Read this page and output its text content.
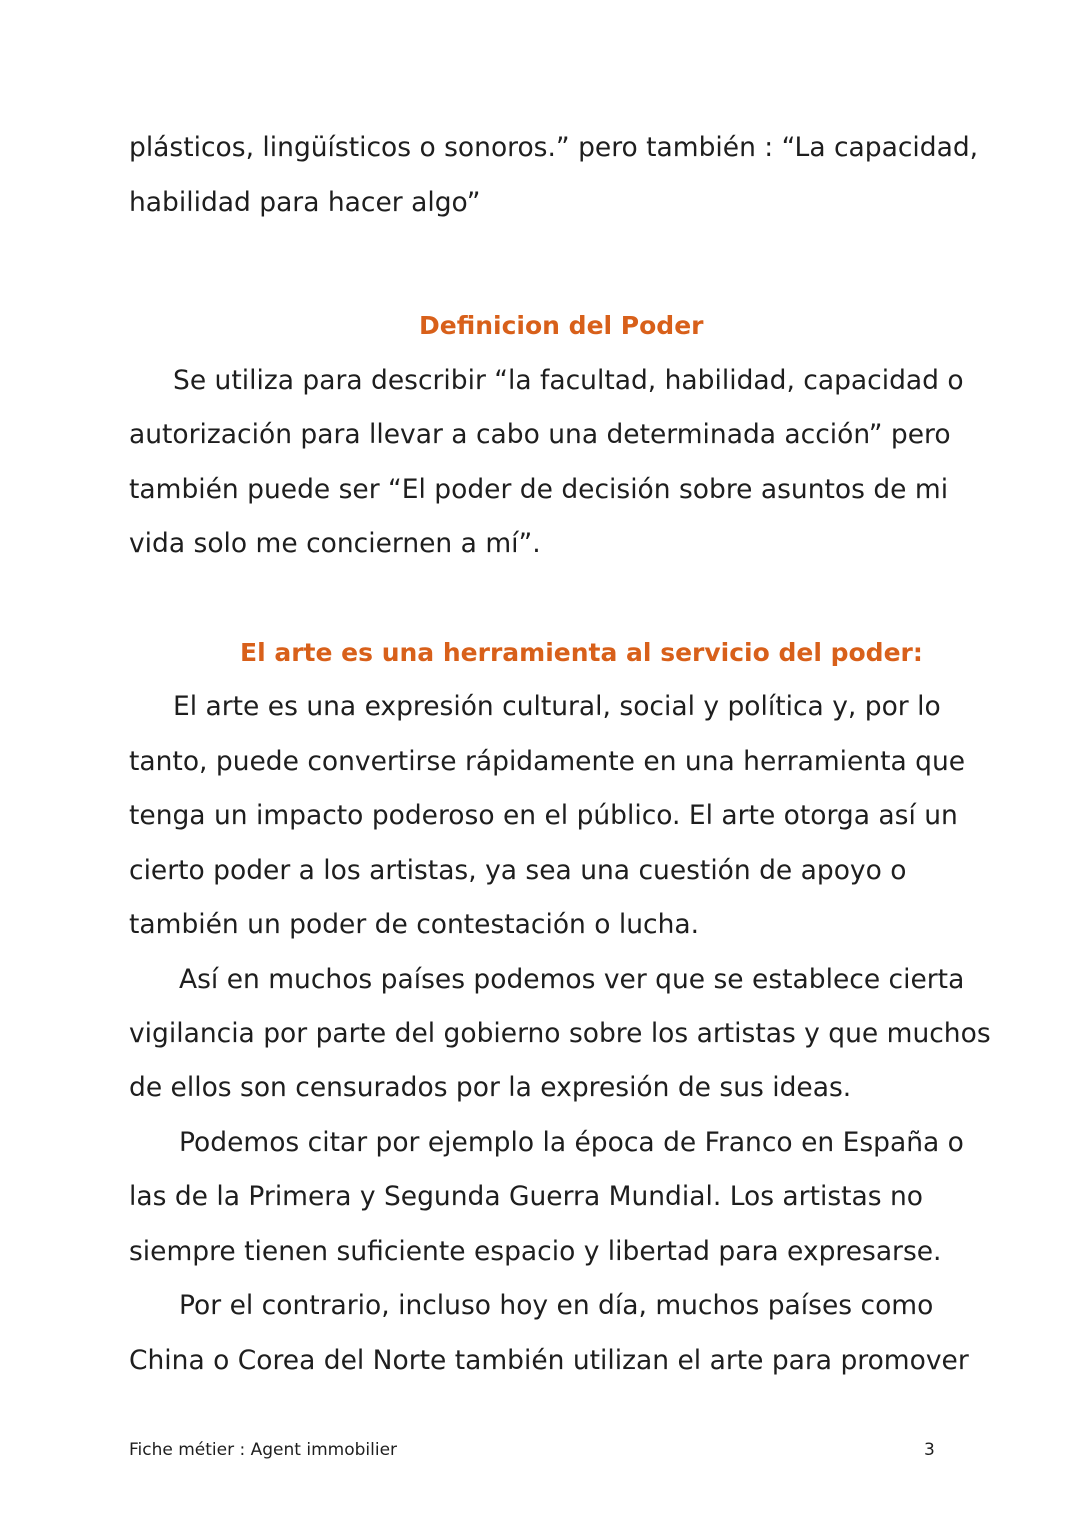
plásticos, lingüísticos o sonoros.” pero también : “La capacidad,
habilidad para hacer algo”
Definicion del Poder
Se utiliza para describir “la facultad, habilidad, capacidad o
autorización para llevar a cabo una determinada acción” pero
también puede ser “El poder de decisión sobre asuntos de mi
vida solo me conciernen a mí”.
El arte es una herramienta al servicio del poder:
El arte es una expresión cultural, social y política y, por lo
tanto, puede convertirse rápidamente en una herramienta que
tenga un impacto poderoso en el público. El arte otorga así un
cierto poder a los artistas, ya sea una cuestión de apoyo o
también un poder de contestación o lucha.
Así en muchos países podemos ver que se establece cierta
vigilancia por parte del gobierno sobre los artistas y que muchos
de ellos son censurados por la expresión de sus ideas.
Podemos citar por ejemplo la época de Franco en España o
las de la Primera y Segunda Guerra Mundial. Los artistas no
siempre tienen suficiente espacio y libertad para expresarse.
Por el contrario, incluso hoy en día, muchos países como
China o Corea del Norte también utilizan el arte para promover
Fiche métier : Agent immobilier	3
